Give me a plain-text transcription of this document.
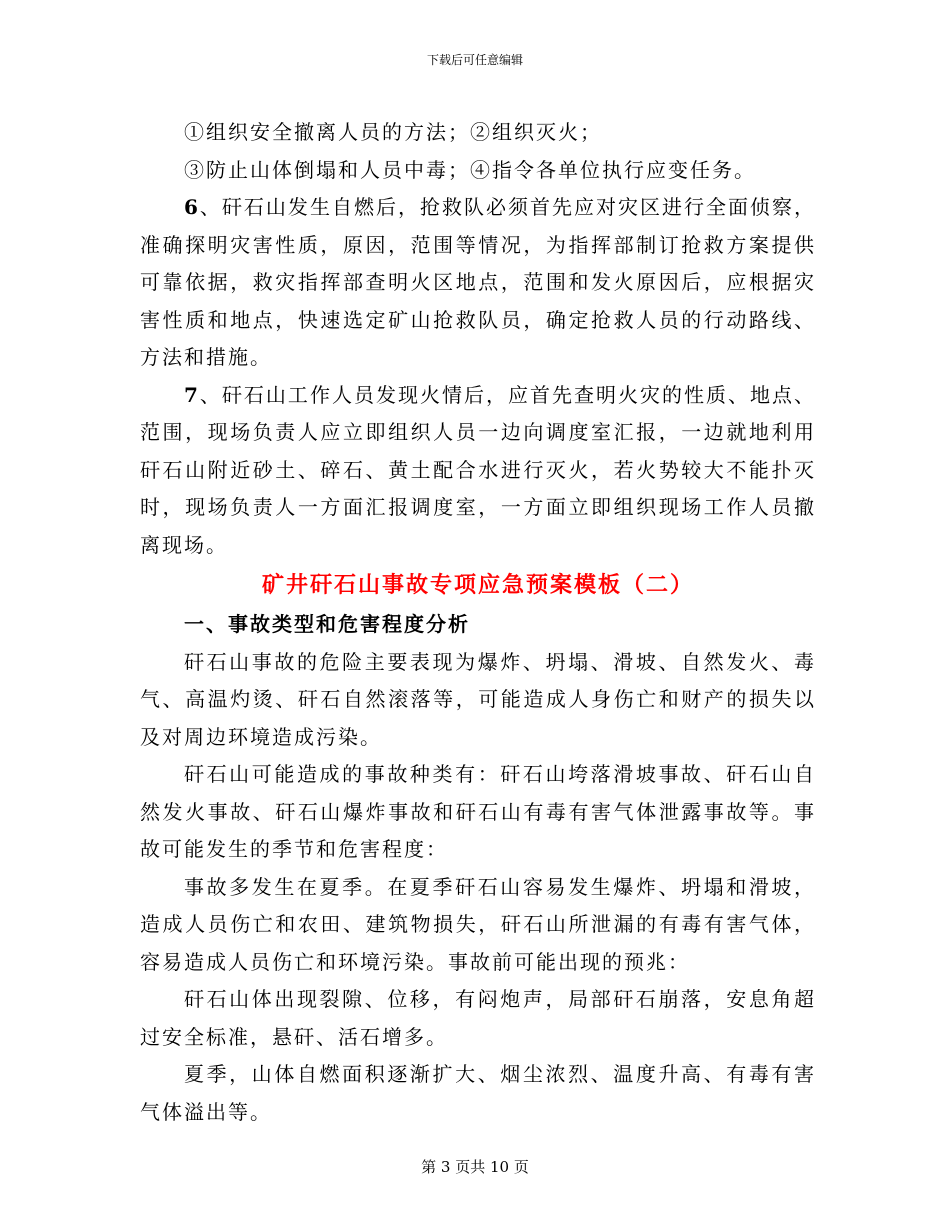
下载后可任意编辑

①组织安全撤离人员的方法；②组织灭火；

③防止山体倒塌和人员中毒；④指令各单位执行应变任务。

6、矸石山发生自燃后，抢救队必须首先应对灾区进行全面侦察，准确探明灾害性质，原因，范围等情况，为指挥部制订抢救方案提供可靠依据，救灾指挥部查明火区地点，范围和发火原因后，应根据灾害性质和地点，快速选定矿山抢救队员，确定抢救人员的行动路线、方法和措施。

7、矸石山工作人员发现火情后，应首先查明火灾的性质、地点、范围，现场负责人应立即组织人员一边向调度室汇报，一边就地利用矸石山附近砂土、碎石、黄土配合水进行灭火，若火势较大不能扑灭时，现场负责人一方面汇报调度室，一方面立即组织现场工作人员撤离现场。

矿井矸石山事故专项应急预案模板（二）

一、事故类型和危害程度分析

矸石山事故的危险主要表现为爆炸、坍塌、滑坡、自然发火、毒气、高温灼烫、矸石自然滚落等，可能造成人身伤亡和财产的损失以及对周边环境造成污染。

矸石山可能造成的事故种类有：矸石山垮落滑坡事故、矸石山自然发火事故、矸石山爆炸事故和矸石山有毒有害气体泄露事故等。事故可能发生的季节和危害程度：

事故多发生在夏季。在夏季矸石山容易发生爆炸、坍塌和滑坡，造成人员伤亡和农田、建筑物损失，矸石山所泄漏的有毒有害气体，容易造成人员伤亡和环境污染。事故前可能出现的预兆：

矸石山体出现裂隙、位移，有闷炮声，局部矸石崩落，安息角超过安全标准，悬矸、活石增多。

夏季，山体自燃面积逐渐扩大、烟尘浓烈、温度升高、有毒有害气体溢出等。

第 3 页共 10 页
